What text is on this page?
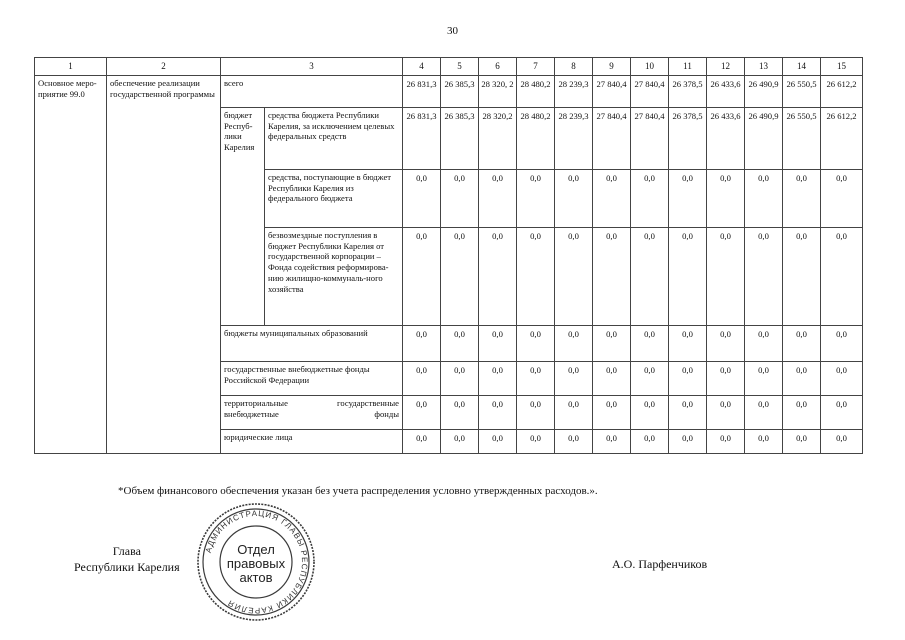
30
1	2	3		4	5	6	7	8	9	10	11	12	13	14	15
Основное меро-приятие 99.0	обеспечение реализации государственной программы	всего		26 831,3	26 385,3	28 320, 2	28 480,2	28 239,3	27 840,4	27 840,4	26 378,5	26 433,6	26 490,9	26 550,5	26 612,2
		бюджет Респуб-лики Карелия	средства бюджета Республики Карелия, за исключением целевых федеральных средств	26 831,3	26 385,3	28 320,2	28 480,2	28 239,3	27 840,4	27 840,4	26 378,5	26 433,6	26 490,9	26 550,5	26 612,2
			средства, поступающие в бюджет Республики Карелия из федерального бюджета	0,0	0,0	0,0	0,0	0,0	0,0	0,0	0,0	0,0	0,0	0,0	0,0
			безвозмездные поступления в бюджет Республики Карелия от государственной корпорации – Фонда содействия реформирова-нию жилищно-коммуналь-ного хозяйства	0,0	0,0	0,0	0,0	0,0	0,0	0,0	0,0	0,0	0,0	0,0	0,0
		бюджеты муниципальных образований		0,0	0,0	0,0	0,0	0,0	0,0	0,0	0,0	0,0	0,0	0,0	0,0
		государственные внебюджетные фонды Российской Федерации		0,0	0,0	0,0	0,0	0,0	0,0	0,0	0,0	0,0	0,0	0,0	0,0
		территориальные государственные внебюджетные фонды		0,0	0,0	0,0	0,0	0,0	0,0	0,0	0,0	0,0	0,0	0,0	0,0
		юридические лица		0,0	0,0	0,0	0,0	0,0	0,0	0,0	0,0	0,0	0,0	0,0	0,0
*Объем финансового обеспечения указан без учета распределения условно утвержденных расходов.».
Глава
Республики Карелия
АДМИНИСТРАЦИЯ ГЛАВЫ РЕСПУБЛИКИ КАРЕЛИЯ
Отдел
правовых
актов
А.О. Парфенчиков
